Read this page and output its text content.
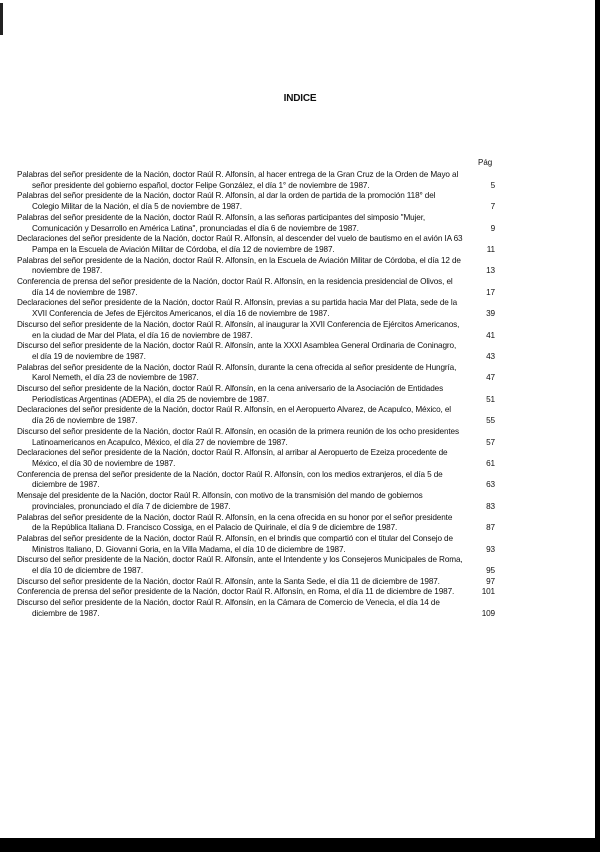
INDICE
Pág
Palabras del señor presidente de la Nación, doctor Raúl R. Alfonsín, al hacer entrega de la Gran Cruz de la Orden de Mayo al señor presidente del gobierno español, doctor Felipe González, el día 1° de noviembre de 1987.	5
Palabras del señor presidente de la Nación, doctor Raúl R. Alfonsín, al dar la orden de partida de la promoción 118° del Colegio Militar de la Nación, el día 5 de noviembre de 1987.	7
Palabras del señor presidente de la Nación, doctor Raúl R. Alfonsín, a las señoras participantes del simposio "Mujer, Comunicación y Desarrollo en América Latina", pronunciadas el día 6 de noviembre de 1987.	9
Declaraciones del señor presidente de la Nación, doctor Raúl R. Alfonsín, al descender del vuelo de bautismo en el avión IA 63 Pampa en la Escuela de Aviación Militar de Córdoba, el día 12 de noviembre de 1987.	11
Palabras del señor presidente de la Nación, doctor Raúl R. Alfonsín, en la Escuela de Aviación Militar de Córdoba, el día 12 de noviembre de 1987.	13
Conferencia de prensa del señor presidente de la Nación, doctor Raúl R. Alfonsín, en la residencia presidencial de Olivos, el día 14 de noviembre de 1987.	17
Declaraciones del señor presidente de la Nación, doctor Raúl R. Alfonsín, previas a su partida hacia Mar del Plata, sede de la XVII Conferencia de Jefes de Ejércitos Americanos, el día 16 de noviembre de 1987.	39
Discurso del señor presidente de la Nación, doctor Raúl R. Alfonsín, al inaugurar la XVII Conferencia de Ejércitos Americanos, en la ciudad de Mar del Plata, el día 16 de noviembre de 1987.	41
Discurso del señor presidente de la Nación, doctor Raúl R. Alfonsín, ante la XXXI Asamblea General Ordinaria de Coninagro, el día 19 de noviembre de 1987.	43
Palabras del señor presidente de la Nación, doctor Raúl R. Alfonsín, durante la cena ofrecida al señor presidente de Hungría, Karol Nemeth, el día 23 de noviembre de 1987.	47
Discurso del señor presidente de la Nación, doctor Raúl R. Alfonsín, en la cena aniversario de la Asociación de Entidades Periodísticas Argentinas (ADEPA), el día 25 de noviembre de 1987.	51
Declaraciones del señor presidente de la Nación, doctor Raúl R. Alfonsín, en el Aeropuerto Alvarez, de Acapulco, México, el día 26 de noviembre de 1987.	55
Discurso del señor presidente de la Nación, doctor Raúl R. Alfonsín, en ocasión de la primera reunión de los ocho presidentes Latinoamericanos en Acapulco, México, el día 27 de noviembre de 1987.	57
Declaraciones del señor presidente de la Nación, doctor Raúl R. Alfonsín, al arribar al Aeropuerto de Ezeiza procedente de México, el día 30 de noviembre de 1987.	61
Conferencia de prensa del señor presidente de la Nación, doctor Raúl R. Alfonsín, con los medios extranjeros, el día 5 de diciembre de 1987.	63
Mensaje del presidente de la Nación, doctor Raúl R. Alfonsín, con motivo de la transmisión del mando de gobiernos provinciales, pronunciado el día 7 de diciembre de 1987.	83
Palabras del señor presidente de la Nación, doctor Raúl R. Alfonsín, en la cena ofrecida en su honor por el señor presidente de la República Italiana D. Francisco Cossiga, en el Palacio de Quirinale, el día 9 de diciembre de 1987.	87
Palabras del señor presidente de la Nación, doctor Raúl R. Alfonsín, en el brindis que compartió con el titular del Consejo de Ministros Italiano, D. Giovanni Goria, en la Villa Madama, el día 10 de diciembre de 1987.	93
Discurso del señor presidente de la Nación, doctor Raúl R. Alfonsín, ante el Intendente y los Consejeros Municipales de Roma, el día 10 de diciembre de 1987.	95
Discurso del señor presidente de la Nación, doctor Raúl R. Alfonsín, ante la Santa Sede, el día 11 de diciembre de 1987.	97
Conferencia de prensa del señor presidente de la Nación, doctor Raúl R. Alfonsín, en Roma, el día 11 de diciembre de 1987.	101
Discurso del señor presidente de la Nación, doctor Raúl R. Alfonsín, en la Cámara de Comercio de Venecia, el día 14 de diciembre de 1987.	109
